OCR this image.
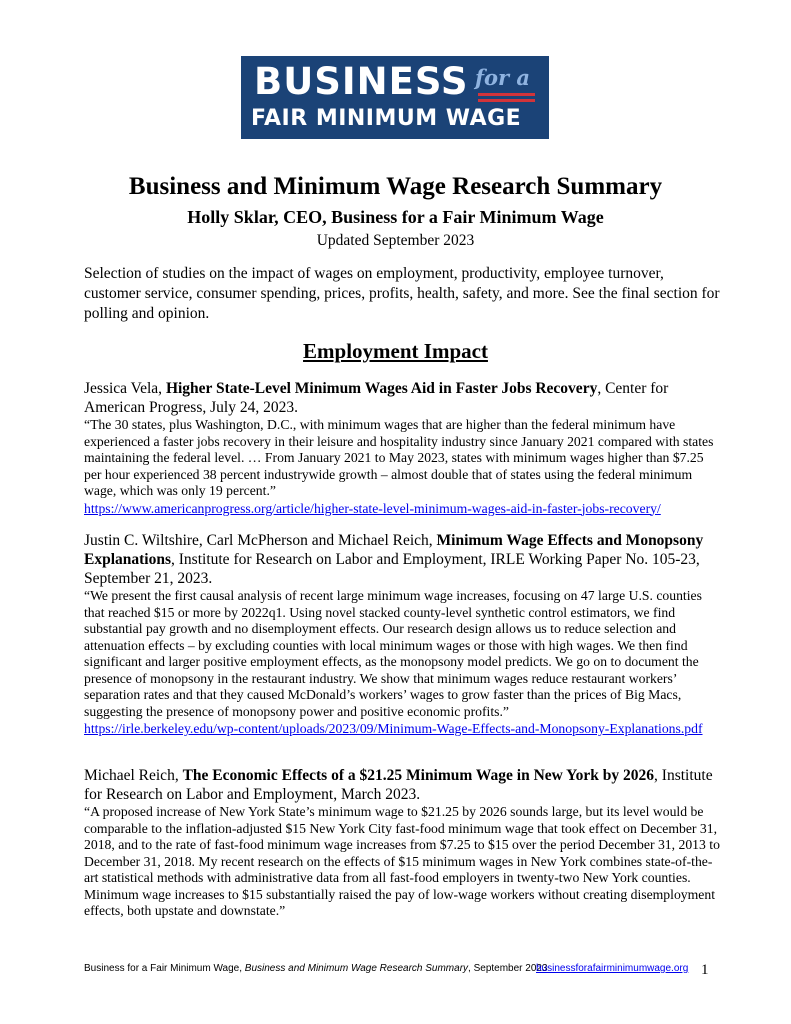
BUSINESS for a
FAIR MINIMUM WAGE
Business and Minimum Wage Research Summary
Holly Sklar, CEO, Business for a Fair Minimum Wage
Updated September 2023
Selection of studies on the impact of wages on employment, productivity, employee turnover, customer service, consumer spending, prices, profits, health, safety, and more. See the final section for polling and opinion.
Employment Impact
Jessica Vela, Higher State-Level Minimum Wages Aid in Faster Jobs Recovery, Center for American Progress, July 24, 2023.
“The 30 states, plus Washington, D.C., with minimum wages that are higher than the federal minimum have experienced a faster jobs recovery in their leisure and hospitality industry since January 2021 compared with states maintaining the federal level. … From January 2021 to May 2023, states with minimum wages higher than $7.25 per hour experienced 38 percent industrywide growth – almost double that of states using the federal minimum wage, which was only 19 percent.”
https://www.americanprogress.org/article/higher-state-level-minimum-wages-aid-in-faster-jobs-recovery/
Justin C. Wiltshire, Carl McPherson and Michael Reich, Minimum Wage Effects and Monopsony Explanations, Institute for Research on Labor and Employment, IRLE Working Paper No. 105-23, September 21, 2023.
“We present the first causal analysis of recent large minimum wage increases, focusing on 47 large U.S. counties that reached $15 or more by 2022q1. Using novel stacked county-level synthetic control estimators, we find substantial pay growth and no disemployment effects. Our research design allows us to reduce selection and attenuation effects – by excluding counties with local minimum wages or those with high wages. We then find significant and larger positive employment effects, as the monopsony model predicts. We go on to document the presence of monopsony in the restaurant industry. We show that minimum wages reduce restaurant workers’ separation rates and that they caused McDonald’s workers’ wages to grow faster than the prices of Big Macs, suggesting the presence of monopsony power and positive economic profits.”
https://irle.berkeley.edu/wp-content/uploads/2023/09/Minimum-Wage-Effects-and-Monopsony-Explanations.pdf
Michael Reich, The Economic Effects of a $21.25 Minimum Wage in New York by 2026, Institute for Research on Labor and Employment, March 2023.
“A proposed increase of New York State’s minimum wage to $21.25 by 2026 sounds large, but its level would be comparable to the inflation-adjusted $15 New York City fast-food minimum wage that took effect on December 31, 2018, and to the rate of fast-food minimum wage increases from $7.25 to $15 over the period December 31, 2013 to December 31, 2018. My recent research on the effects of $15 minimum wages in New York combines state-of-the-art statistical methods with administrative data from all fast-food employers in twenty-two New York counties. Minimum wage increases to $15 substantially raised the pay of low-wage workers without creating disemployment effects, both upstate and downstate.”
Business for a Fair Minimum Wage, Business and Minimum Wage Research Summary, September 2023
businessforafairminimumwage.org 1
